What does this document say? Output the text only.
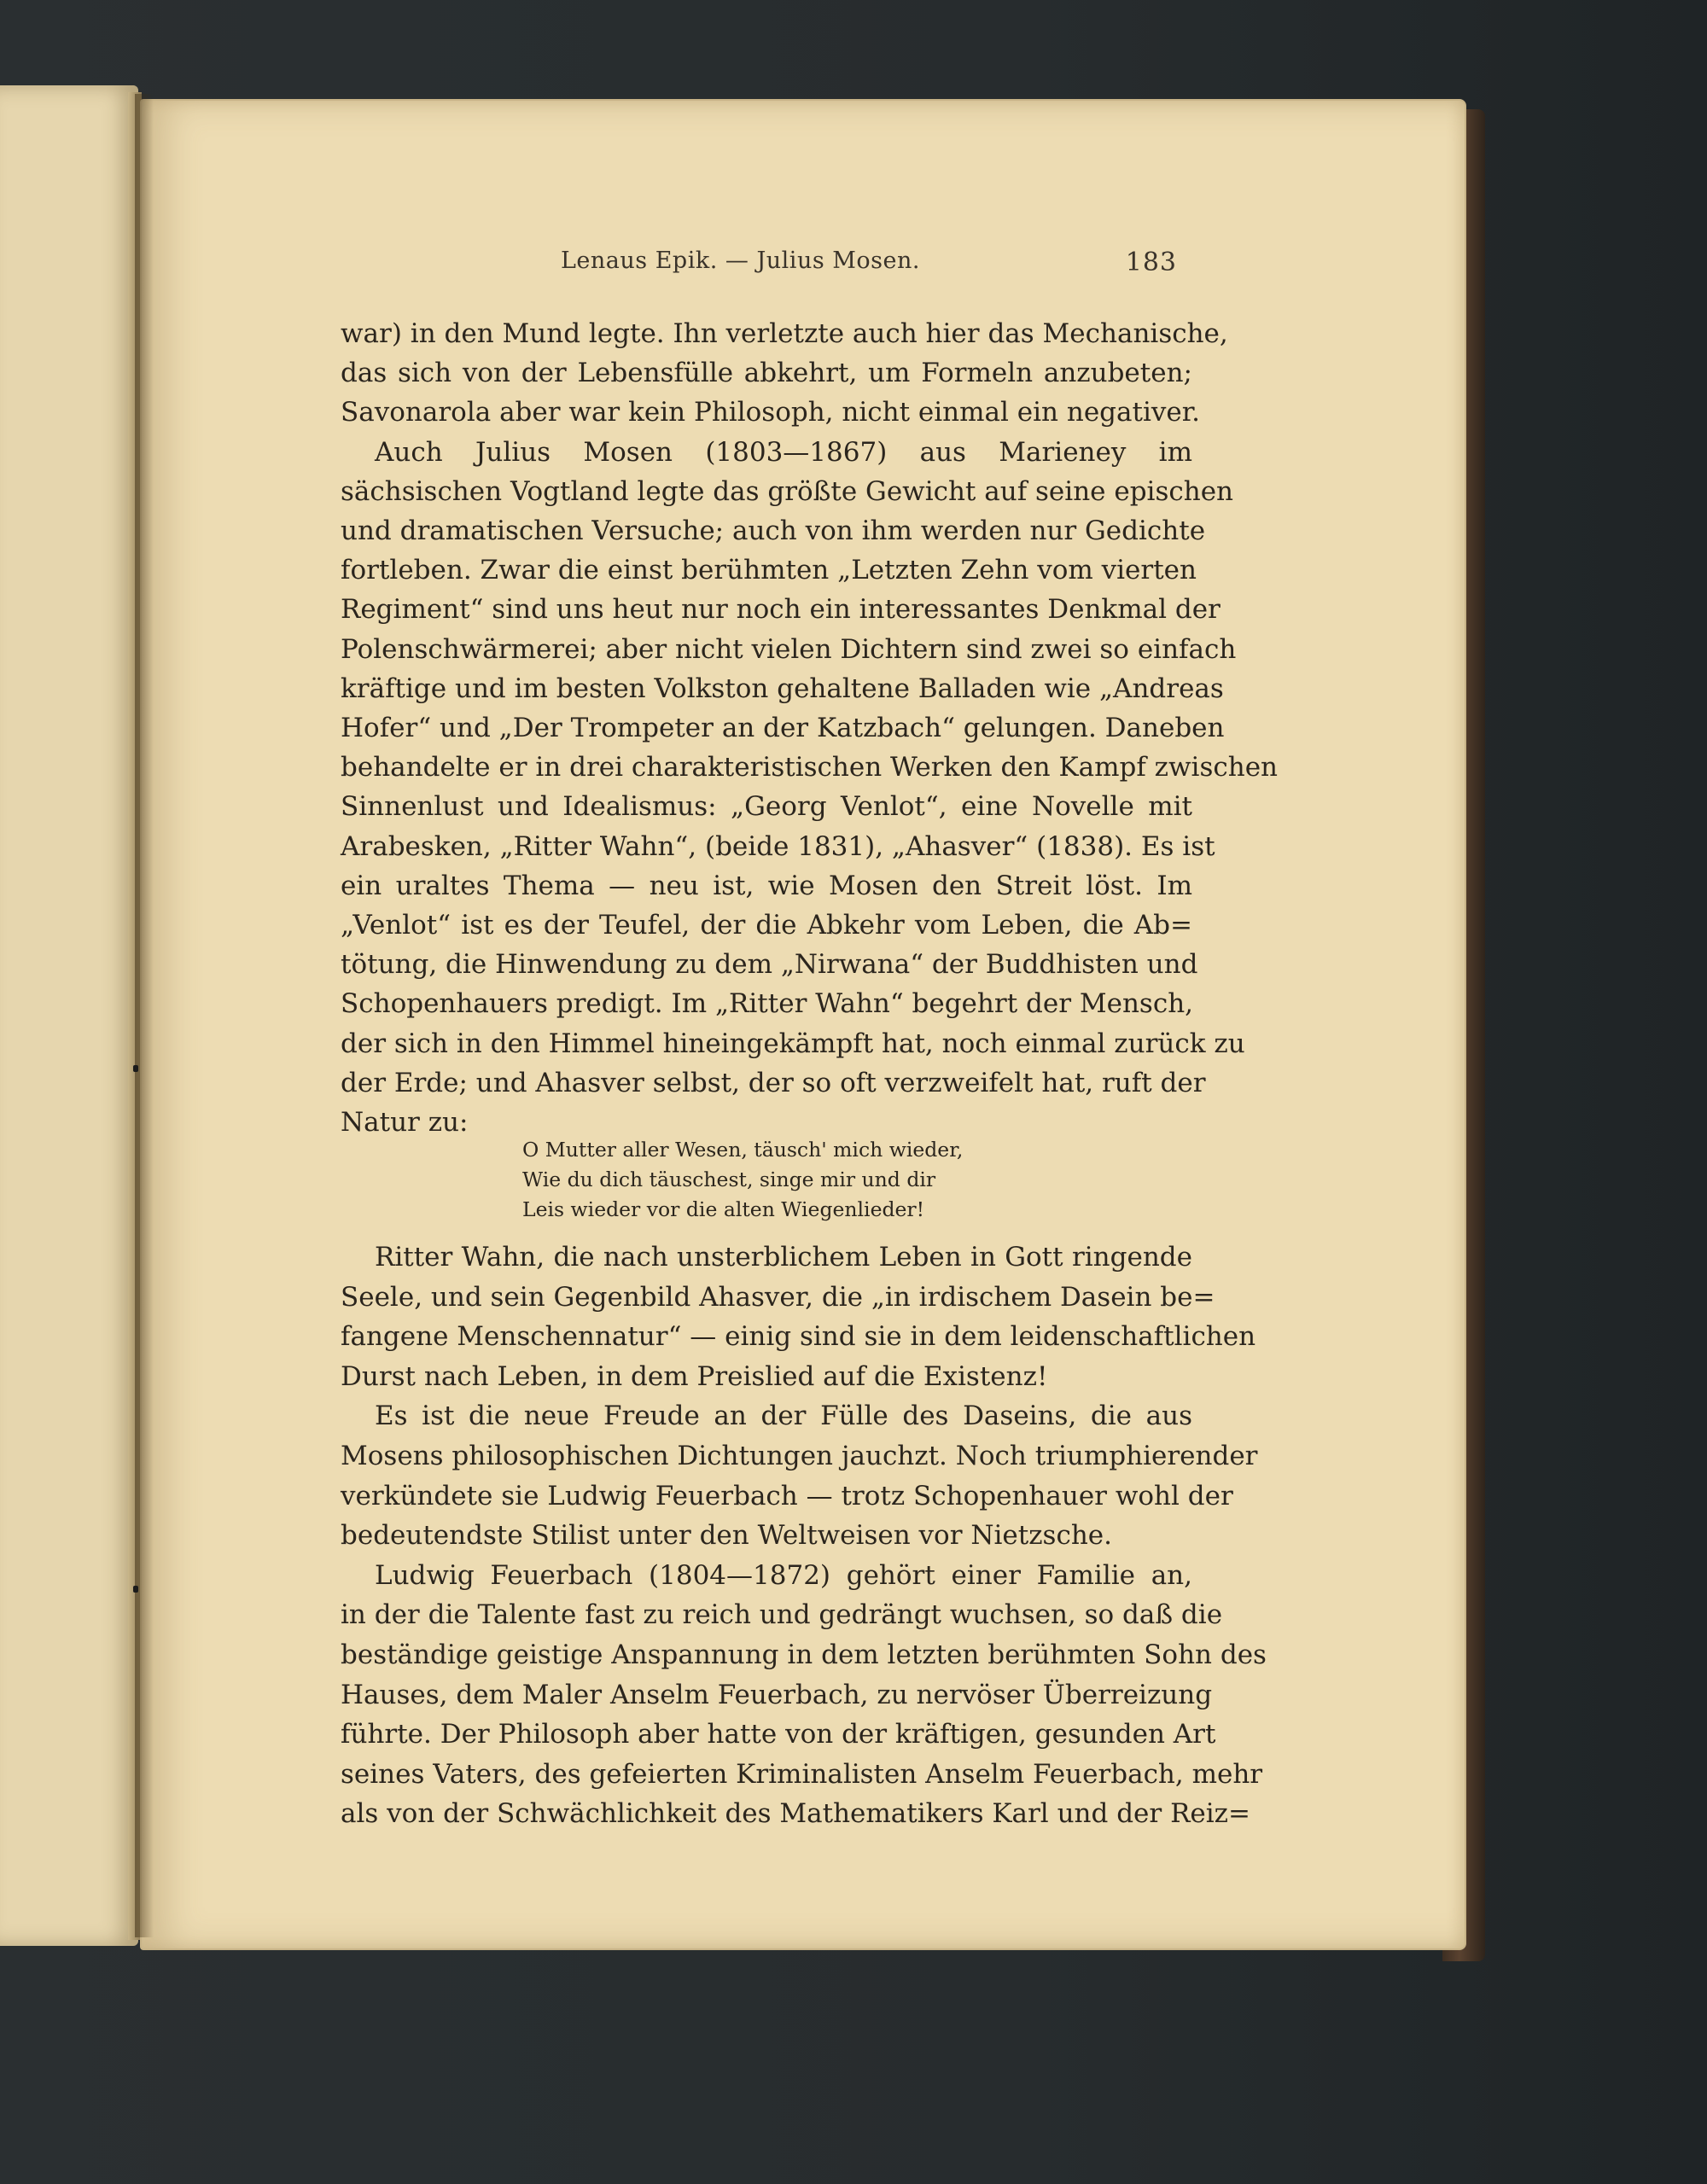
Lenaus Epik. — Julius Mosen.	183
war) in den Mund legte. Ihn verletzte auch hier das Mechanische,
das sich von der Lebensfülle abkehrt, um Formeln anzubeten;
Savonarola aber war kein Philosoph, nicht einmal ein negativer.
Auch Julius Mosen (1803—1867) aus Marieney im
sächsischen Vogtland legte das größte Gewicht auf seine epischen
und dramatischen Versuche; auch von ihm werden nur Gedichte
fortleben. Zwar die einst berühmten „Letzten Zehn vom vierten
Regiment“ sind uns heut nur noch ein interessantes Denkmal der
Polenschwärmerei; aber nicht vielen Dichtern sind zwei so einfach
kräftige und im besten Volkston gehaltene Balladen wie „Andreas
Hofer“ und „Der Trompeter an der Katzbach“ gelungen. Daneben
behandelte er in drei charakteristischen Werken den Kampf zwischen
Sinnenlust und Idealismus: „Georg Venlot“, eine Novelle mit
Arabesken, „Ritter Wahn“, (beide 1831), „Ahasver“ (1838). Es ist
ein uraltes Thema — neu ist, wie Mosen den Streit löst. Im
„Venlot“ ist es der Teufel, der die Abkehr vom Leben, die Ab=
tötung, die Hinwendung zu dem „Nirwana“ der Buddhisten und
Schopenhauers predigt. Im „Ritter Wahn“ begehrt der Mensch,
der sich in den Himmel hineingekämpft hat, noch einmal zurück zu
der Erde; und Ahasver selbst, der so oft verzweifelt hat, ruft der
Natur zu:
O Mutter aller Wesen, täusch' mich wieder,
Wie du dich täuschest, singe mir und dir
Leis wieder vor die alten Wiegenlieder!
Ritter Wahn, die nach unsterblichem Leben in Gott ringende
Seele, und sein Gegenbild Ahasver, die „in irdischem Dasein be=
fangene Menschennatur“ — einig sind sie in dem leidenschaftlichen
Durst nach Leben, in dem Preislied auf die Existenz!
Es ist die neue Freude an der Fülle des Daseins, die aus
Mosens philosophischen Dichtungen jauchzt. Noch triumphierender
verkündete sie Ludwig Feuerbach — trotz Schopenhauer wohl der
bedeutendste Stilist unter den Weltweisen vor Nietzsche.
Ludwig Feuerbach (1804—1872) gehört einer Familie an,
in der die Talente fast zu reich und gedrängt wuchsen, so daß die
beständige geistige Anspannung in dem letzten berühmten Sohn des
Hauses, dem Maler Anselm Feuerbach, zu nervöser Überreizung
führte. Der Philosoph aber hatte von der kräftigen, gesunden Art
seines Vaters, des gefeierten Kriminalisten Anselm Feuerbach, mehr
als von der Schwächlichkeit des Mathematikers Karl und der Reiz=
